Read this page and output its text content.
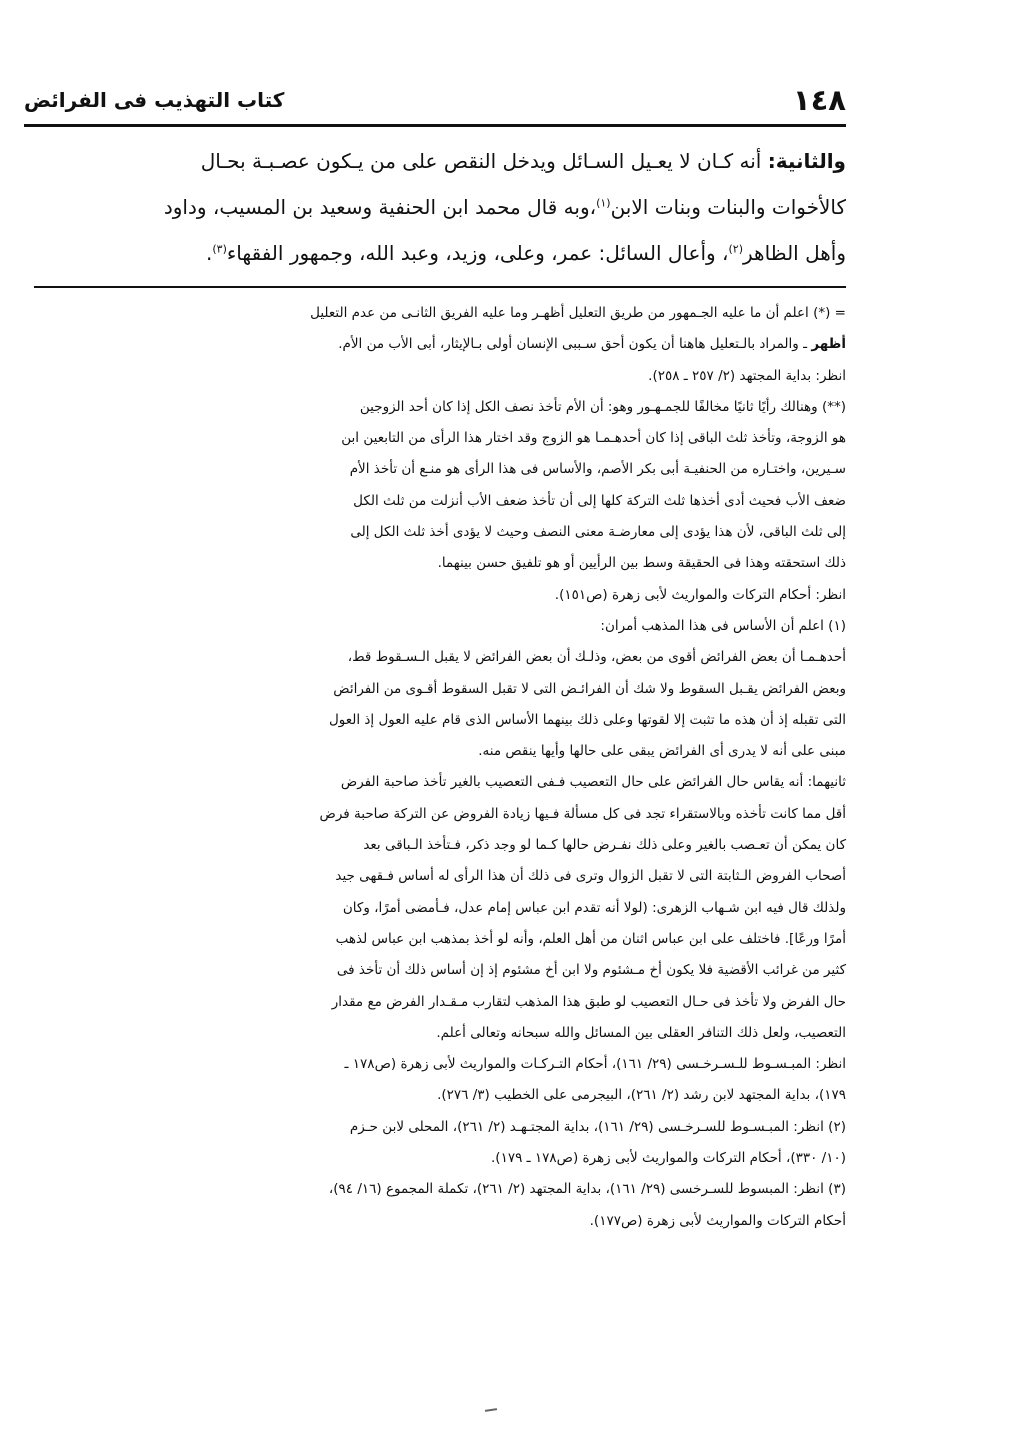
١٤٨
كتاب التهذيب فى الفرائض

والثانية: أنه كـان لا يعـيل السـائل ويدخل النقص على من يـكون عصـبـة بحـال

كالأخوات والبنات وبنات الابن$^{(١)}$،وبه قال محمد ابن الحنفية وسعيد بن المسيب، وداود

وأهل الظاهر$^{(٢)}$، وأعال السائل: عمر، وعلى، وزيد، وعبد الله، وجمهور الفقهاء$^{(٣)}$.

= (*) اعلم أن ما عليه الجـمهور من طريق التعليل أظهـر وما عليه الفريق الثانـى من عدم التعليل

أظهر ـ والمراد بالـتعليل هاهنا أن يكون أحق سـببى الإنسان أولى بـالإيثار، أبى الأب من الأم.

انظر: بداية المجتهد (٢/ ٢٥٧ ـ ٢٥٨).

(**) وهنالك رأيًا ثانيًا مخالفًا للجمـهـور وهو: أن الأم تأخذ نصف الكل إذا كان أحد الزوجين

هو الزوجة، وتأخذ ثلث الباقى إذا كان أحدهـمـا هو الزوج وقد اختار هذا الرأى من التابعين ابن

سـيرين، واختـاره من الحنفيـة أبى بكر الأصم، والأساس فى هذا الرأى هو منـع أن تأخذ الأم

ضعف الأب فحيث أدى أخذها ثلث التركة كلها إلى أن تأخذ ضعف الأب أنزلت من ثلث الكل

إلى ثلث الباقى، لأن هذا يؤدى إلى معارضـة معنى النصف وحيث لا يؤدى أخذ ثلث الكل إلى

ذلك استحقته وهذا فى الحقيقة وسط بين الرأيين أو هو تلفيق حسن بينهما.

انظر: أحكام التركات والمواريث لأبى زهرة (ص١٥١).

(١) اعلم أن الأساس فى هذا المذهب أمران:

أحدهـمـا أن بعض الفرائض أقوى من بعض، وذلـك أن بعض الفرائض لا يقبل الـسـقوط قط،

وبعض الفرائض يقـبل السقوط ولا شك أن الفرائـض التى لا تقبل السقوط أقـوى من الفرائض

التى تقبله إذ أن هذه ما تثبت إلا لقوتها وعلى ذلك بينهما الأساس الذى قام عليه العول إذ العول

مبنى على أنه لا يدرى أى الفرائض يبقى على حالها وأيها ينقص منه.

ثانيهما: أنه يقاس حال الفرائض على حال التعصيب فـفى التعصيب بالغير تأخذ صاحبة الفرض

أقل مما كانت تأخذه وبالاستقراء تجد فى كل مسألة فـيها زيادة الفروض عن التركة صاحبة فرض

كان يمكن أن تعـصب بالغير وعلى ذلك نفـرض حالها كـما لو وجد ذكر، فـتأخذ الـباقى بعد

أصحاب الفروض الـثابتة التى لا تقبل الزوال وترى فى ذلك أن هذا الرأى له أساس فـقهى جيد

ولذلك قال فيه ابن شـهاب الزهرى: (لولا أنه تقدم ابن عباس إمام عدل، فـأمضى أمرًا، وكان

أمرًا ورعًا]. فاختلف على ابن عباس اثنان من أهل العلم، وأنه لو أخذ بمذهب ابن عباس لذهب

كثير من غرائب الأقضية فلا يكون أخ مـشئوم ولا ابن أخ مشئوم إذ إن أساس ذلك أن تأخذ فى

حال الفرض ولا تأخذ فى حـال التعصيب لو طبق هذا المذهب لتقارب مـقـدار الفرض مع مقدار

التعصيب، ولعل ذلك التنافر العقلى بين المسائل والله سبحانه وتعالى أعلم.

انظر: المبـسـوط للـسـرخـسى (٢٩/ ١٦١)، أحكام التـركـات والمواريث لأبى زهرة (ص١٧٨ ـ

١٧٩)، بداية المجتهد لابن رشد (٢/ ٢٦١)، البيجرمى على الخطيب (٣/ ٢٧٦).

(٢) انظر: المبـسـوط للسـرخـسى (٢٩/ ١٦١)، بداية المجتـهـد (٢/ ٢٦١)، المحلى لابن حـزم

(١٠/ ٣٣٠)، أحكام التركات والمواريث لأبى زهرة (ص١٧٨ ـ ١٧٩).

(٣) انظر: المبسوط للسـرخسى (٢٩/ ١٦١)، بداية المجتهد (٢/ ٢٦١)، تكملة المجموع (١٦/ ٩٤)،

أحكام التركات والمواريث لأبى زهرة (ص١٧٧).
